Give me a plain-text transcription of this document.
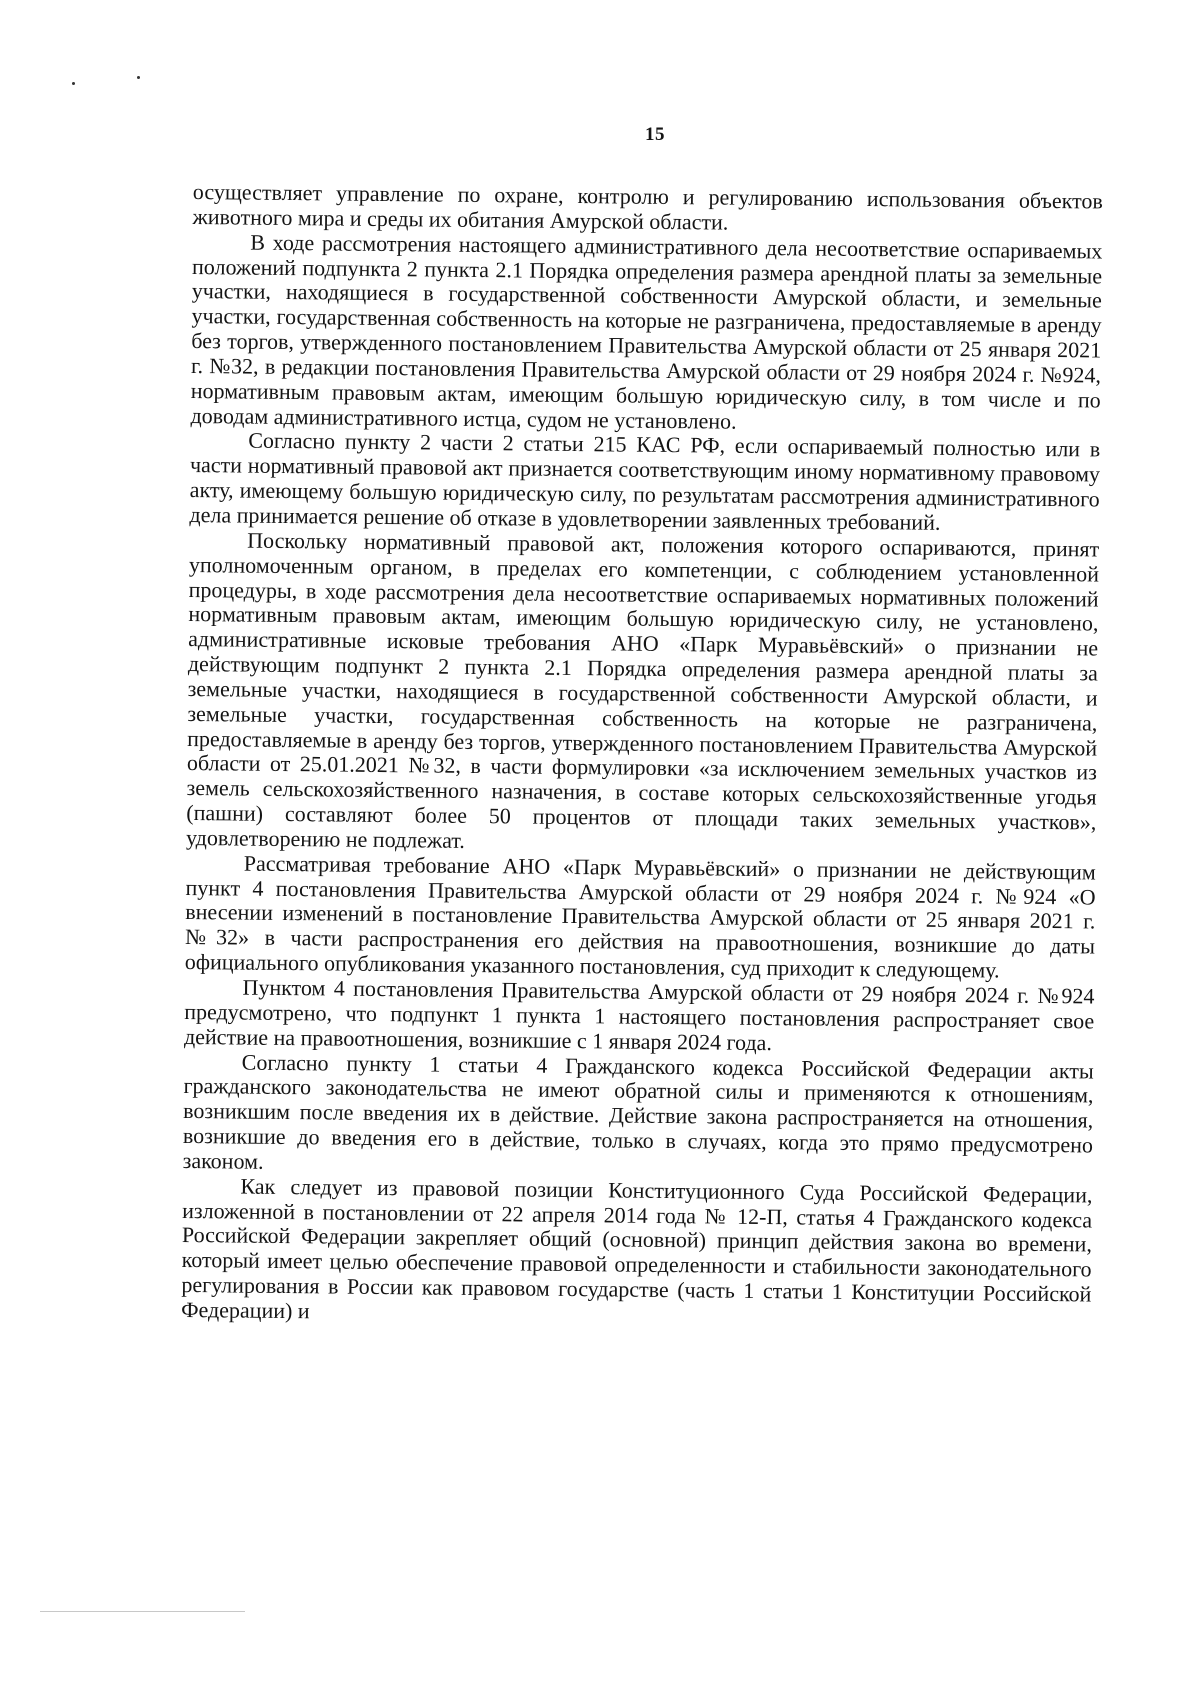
15

осуществляет управление по охране, контролю и регулированию использования объектов животного мира и среды их обитания Амурской области.

В ходе рассмотрения настоящего административного дела несоответствие оспариваемых положений подпункта 2 пункта 2.1 Порядка определения размера арендной платы за земельные участки, находящиеся в государственной собственности Амурской области, и земельные участки, государственная собственность на которые не разграничена, предоставляемые в аренду без торгов, утвержденного постановлением Правительства Амурской области от 25 января 2021 г. №32, в редакции постановления Правительства Амурской области от 29 ноября 2024 г. №924, нормативным правовым актам, имеющим большую юридическую силу, в том числе и по доводам административного истца, судом не установлено.

Согласно пункту 2 части 2 статьи 215 КАС РФ, если оспариваемый полностью или в части нормативный правовой акт признается соответствующим иному нормативному правовому акту, имеющему большую юридическую силу, по результатам рассмотрения административного дела принимается решение об отказе в удовлетворении заявленных требований.

Поскольку нормативный правовой акт, положения которого оспариваются, принят уполномоченным органом, в пределах его компетенции, с соблюдением установленной процедуры, в ходе рассмотрения дела несоответствие оспариваемых нормативных положений нормативным правовым актам, имеющим большую юридическую силу, не установлено, административные исковые требования АНО «Парк Муравьёвский» о признании не действующим подпункт 2 пункта 2.1 Порядка определения размера арендной платы за земельные участки, находящиеся в государственной собственности Амурской области, и земельные участки, государственная собственность на которые не разграничена, предоставляемые в аренду без торгов, утвержденного постановлением Правительства Амурской области от 25.01.2021 №32, в части формулировки «за исключением земельных участков из земель сельскохозяйственного назначения, в составе которых сельскохозяйственные угодья (пашни) составляют более 50 процентов от площади таких земельных участков», удовлетворению не подлежат.

Рассматривая требование АНО «Парк Муравьёвский» о признании не действующим пункт 4 постановления Правительства Амурской области от 29 ноября 2024 г. №924 «О внесении изменений в постановление Правительства Амурской области от 25 января 2021 г. №32» в части распространения его действия на правоотношения, возникшие до даты официального опубликования указанного постановления, суд приходит к следующему.

Пунктом 4 постановления Правительства Амурской области от 29 ноября 2024 г. №924 предусмотрено, что подпункт 1 пункта 1 настоящего постановления распространяет свое действие на правоотношения, возникшие с 1 января 2024 года.

Согласно пункту 1 статьи 4 Гражданского кодекса Российской Федерации акты гражданского законодательства не имеют обратной силы и применяются к отношениям, возникшим после введения их в действие. Действие закона распространяется на отношения, возникшие до введения его в действие, только в случаях, когда это прямо предусмотрено законом.

Как следует из правовой позиции Конституционного Суда Российской Федерации, изложенной в постановлении от 22 апреля 2014 года № 12-П, статья 4 Гражданского кодекса Российской Федерации закрепляет общий (основной) принцип действия закона во времени, который имеет целью обеспечение правовой определенности и стабильности законодательного регулирования в России как правовом государстве (часть 1 статьи 1 Конституции Российской Федерации) и
